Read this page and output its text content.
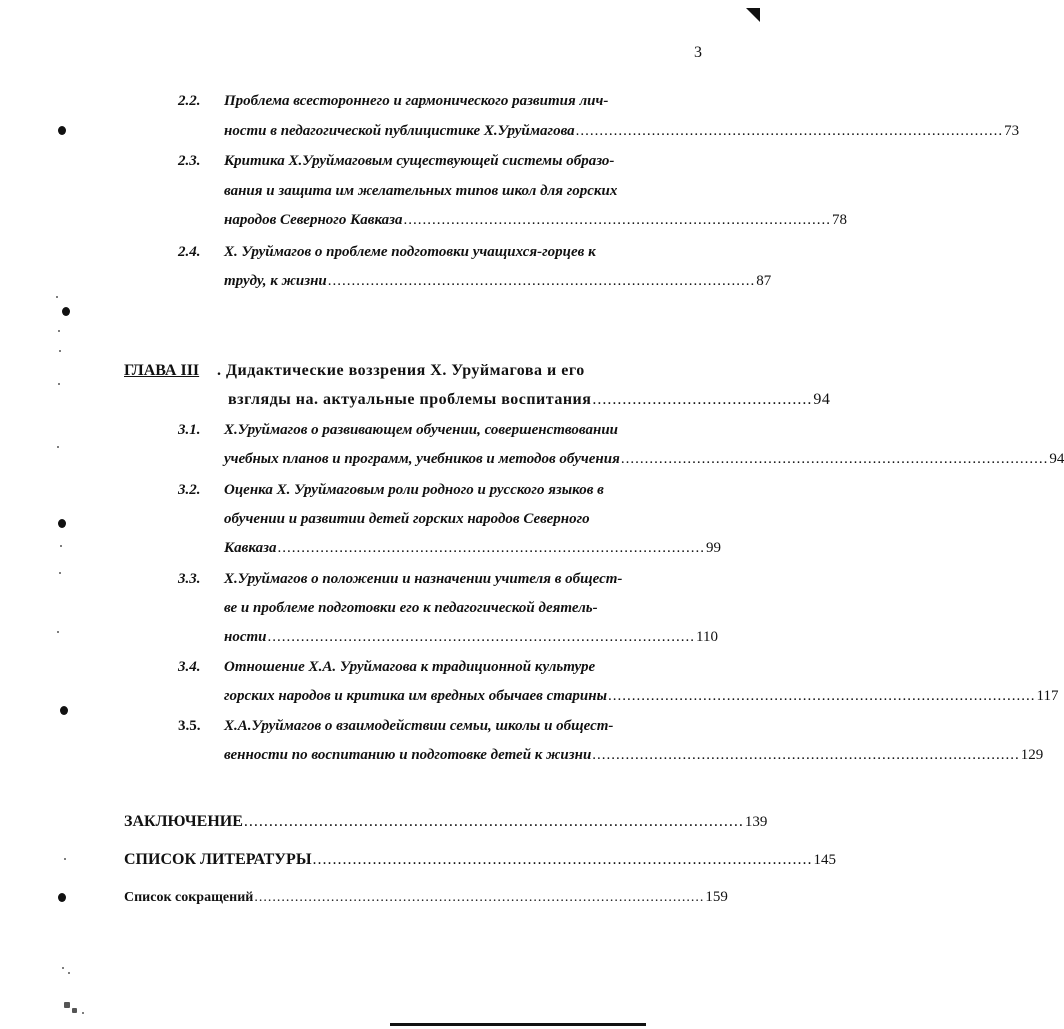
3
2.2. Проблема всестороннего и гармонического развития лич-
ности в педагогической публицистике Х.Уруймагова .......................................................................................... 73
2.3. Критика Х.Уруймаговым существующей системы образо-
вания и защита им желательных типов школ для горских
народов Северного Кавказа .......................................................................................... 78
2.4. Х. Уруймагов о проблеме подготовки учащихся-горцев к
труду, к жизни .......................................................................................... 87
ГЛАВА III . Дидактические воззрения Х. Уруймагова и его
взгляды на. актуальные проблемы воспитания ............................................ 94
3.1. Х.Уруймагов о развивающем обучении, совершенствовании
учебных планов и программ, учебников и методов обучения .......................................................................................... 94
3.2. Оценка Х. Уруймаговым роли родного и русского языков в
обучении и развитии детей горских народов Северного
Кавказа .......................................................................................... 99
3.3. Х.Уруймагов о положении и назначении учителя в общест-
ве и проблеме подготовки его к педагогической деятель-
ности .......................................................................................... 110
3.4. Отношение Х.А. Уруймагова к традиционной культуре
горских народов и критика им вредных обычаев старины .......................................................................................... 117
3.5. Х.А.Уруймагов о взаимодействии семьи, школы и общест-
венности по воспитанию и подготовке детей к жизни .......................................................................................... 129
ЗАКЛЮЧЕНИЕ .................................................................................................... 139
СПИСОК ЛИТЕРАТУРЫ .................................................................................................... 145
Список сокращений .................................................................................................... 159
